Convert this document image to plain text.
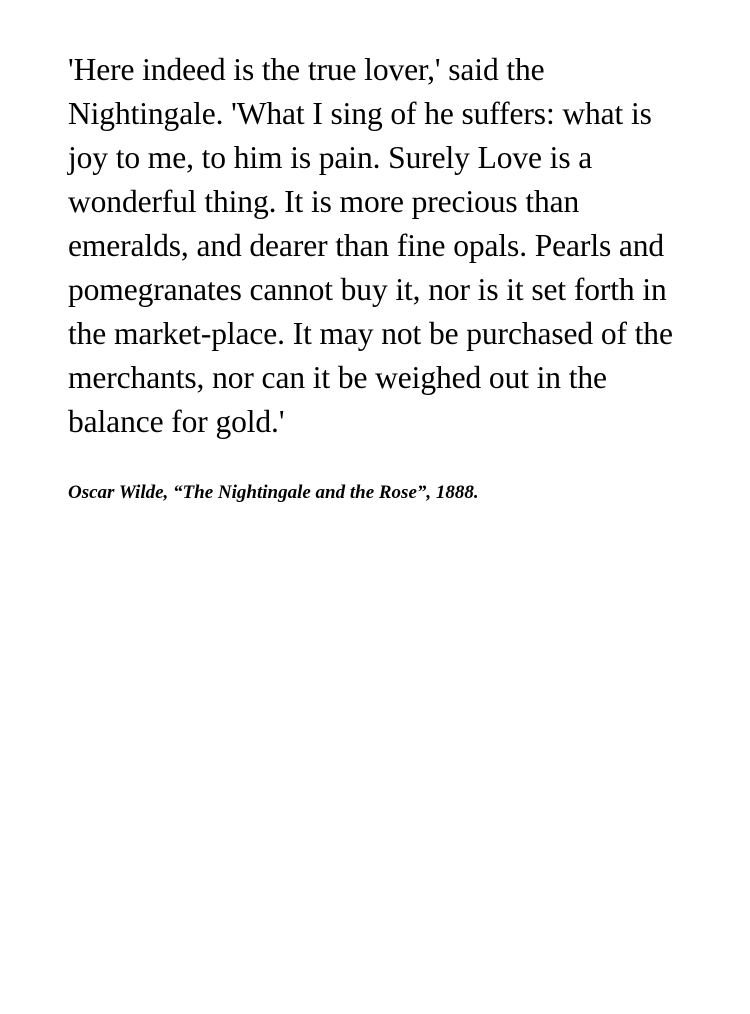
'Here indeed is the true lover,' said the Nightingale. 'What I sing of he suffers: what is joy to me, to him is pain. Surely Love is a wonderful thing. It is more precious than emeralds, and dearer than fine opals. Pearls and pomegranates cannot buy it, nor is it set forth in the market-place. It may not be purchased of the merchants, nor can it be weighed out in the balance for gold.'

Oscar Wilde, “The Nightingale and the Rose”, 1888.
